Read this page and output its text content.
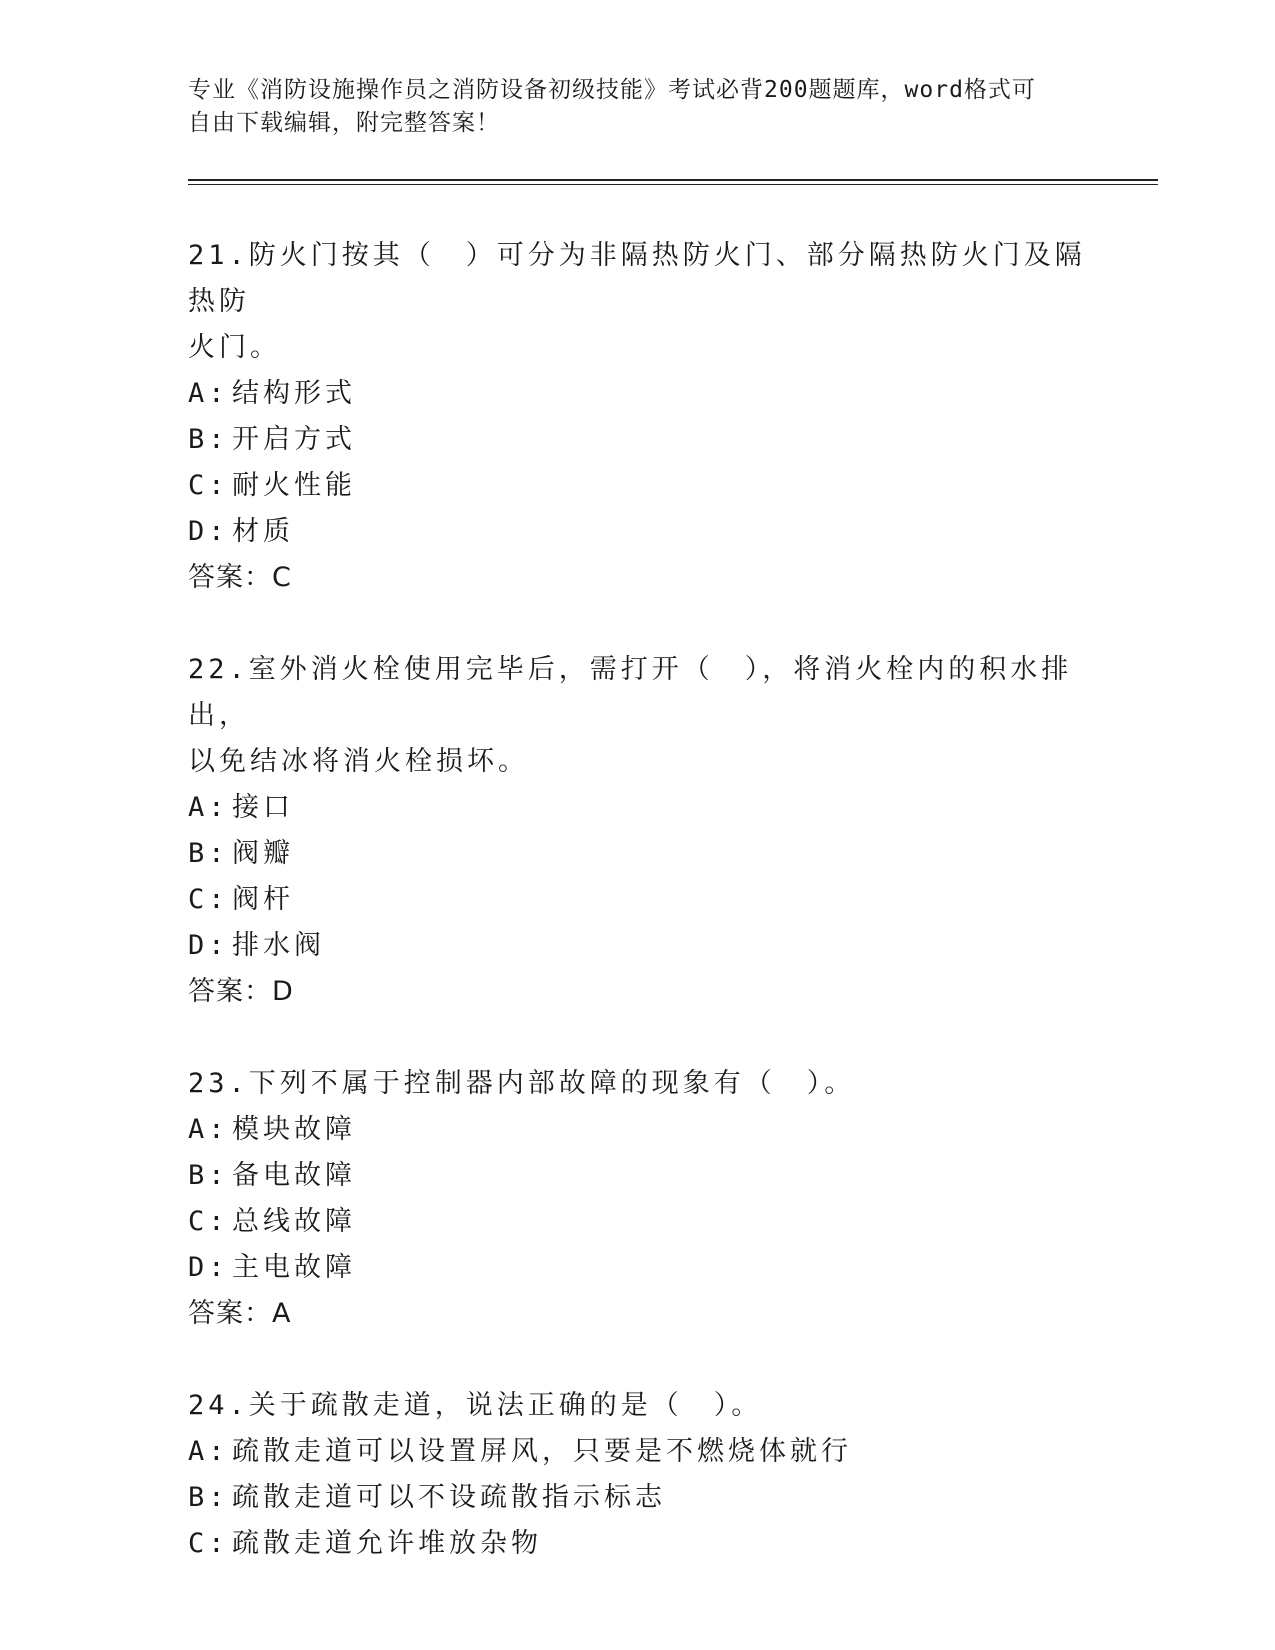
专业《消防设施操作员之消防设备初级技能》考试必背200题题库，word格式可
自由下载编辑，附完整答案！
21.防火门按其（　）可分为非隔热防火门、部分隔热防火门及隔热防
火门。
A: 结构形式
B: 开启方式
C: 耐火性能
D: 材质
答案：C
22.室外消火栓使用完毕后，需打开（　），将消火栓内的积水排出，
以免结冰将消火栓损坏。
A: 接口
B: 阀瓣
C: 阀杆
D: 排水阀
答案：D
23.下列不属于控制器内部故障的现象有（　）。
A: 模块故障
B: 备电故障
C: 总线故障
D: 主电故障
答案：A
24.关于疏散走道，说法正确的是（　）。
A: 疏散走道可以设置屏风，只要是不燃烧体就行
B: 疏散走道可以不设疏散指示标志
C: 疏散走道允许堆放杂物
